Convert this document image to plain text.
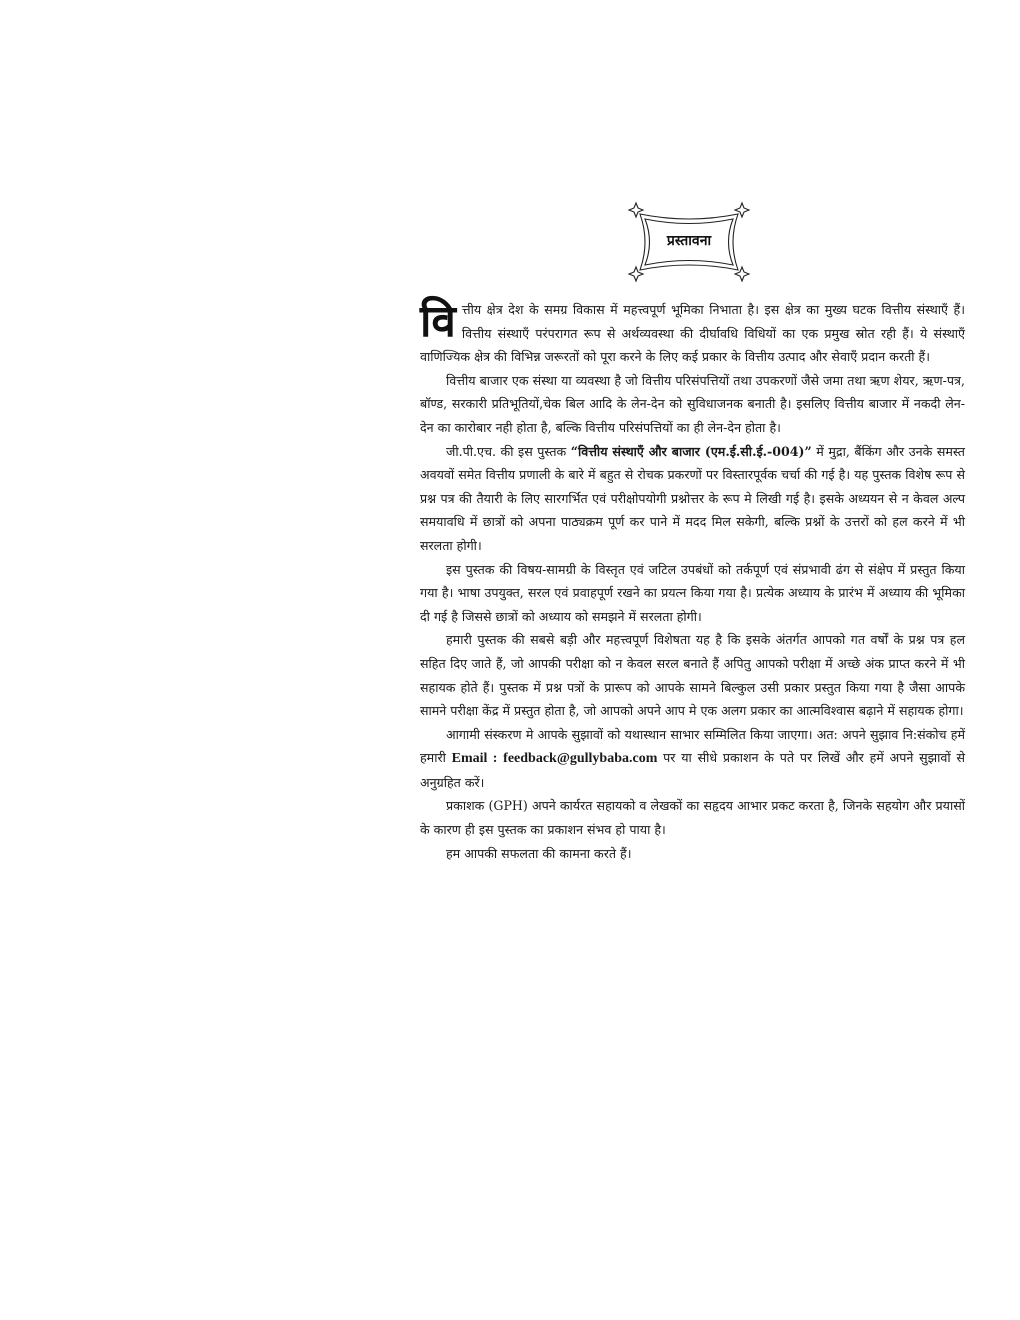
प्रस्तावना

वित्तीय क्षेत्र देश के समग्र विकास में महत्त्वपूर्ण भूमिका निभाता है। इस क्षेत्र का मुख्य घटक वित्तीय संस्थाएँ हैं। वित्तीय संस्थाएँ परंपरागत रूप से अर्थव्यवस्था की दीर्घावधि विधियों का एक प्रमुख स्रोत रही हैं। ये संस्थाएँ वाणिज्यिक क्षेत्र की विभिन्न जरूरतों को पूरा करने के लिए कई प्रकार के वित्तीय उत्पाद और सेवाएँ प्रदान करती हैं।

वित्तीय बाजार एक संस्था या व्यवस्था है जो वित्तीय परिसंपत्तियों तथा उपकरणों जैसे जमा तथा ऋण शेयर, ऋण-पत्र, बॉण्ड, सरकारी प्रतिभूतियों,चेक बिल आदि के लेन-देन को सुविधाजनक बनाती है। इसलिए वित्तीय बाजार में नकदी लेन-देन का कारोबार नही होता है, बल्कि वित्तीय परिसंपत्तियों का ही लेन-देन होता है।

जी.पी.एच. की इस पुस्तक “वित्तीय संस्थाएँ और बाजार (एम.ई.सी.ई.-004)” में मुद्रा, बैंकिंग और उनके समस्त अवयवों समेत वित्तीय प्रणाली के बारे में बहुत से रोचक प्रकरणों पर विस्तारपूर्वक चर्चा की गई है। यह पुस्तक विशेष रूप से प्रश्न पत्र की तैयारी के लिए सारगर्भित एवं परीक्षोपयोगी प्रश्नोत्तर के रूप मे लिखी गई है। इसके अध्ययन से न केवल अल्प समयावधि में छात्रों को अपना पाठ्यक्रम पूर्ण कर पाने में मदद मिल सकेगी, बल्कि प्रश्नों के उत्तरों को हल करने में भी सरलता होगी।

इस पुस्तक की विषय-सामग्री के विस्तृत एवं जटिल उपबंधों को तर्कपूर्ण एवं संप्रभावी ढंग से संक्षेप में प्रस्तुत किया गया है। भाषा उपयुक्त, सरल एवं प्रवाहपूर्ण रखने का प्रयत्न किया गया है। प्रत्येक अध्याय के प्रारंभ में अध्याय की भूमिका दी गई है जिससे छात्रों को अध्याय को समझने में सरलता होगी।

हमारी पुस्तक की सबसे बड़ी और महत्त्वपूर्ण विशेषता यह है कि इसके अंतर्गत आपको गत वर्षों के प्रश्न पत्र हल सहित दिए जाते हैं, जो आपकी परीक्षा को न केवल सरल बनाते हैं अपितु आपको परीक्षा में अच्छे अंक प्राप्त करने में भी सहायक होते हैं। पुस्तक में प्रश्न पत्रों के प्रारूप को आपके सामने बिल्कुल उसी प्रकार प्रस्तुत किया गया है जैसा आपके सामने परीक्षा केंद्र में प्रस्तुत होता है, जो आपको अपने आप मे एक अलग प्रकार का आत्मविश्वास बढ़ाने में सहायक होगा।

आगामी संस्करण मे आपके सुझावों को यथास्थान साभार सम्मिलित किया जाएगा। अत: अपने सुझाव नि:संकोच हमें हमारी Email : feedback@gullybaba.com पर या सीधे प्रकाशन के पते पर लिखें और हमें अपने सुझावों से अनुग्रहित करें।

प्रकाशक (GPH) अपने कार्यरत सहायको व लेखकों का सहृदय आभार प्रकट करता है, जिनके सहयोग और प्रयासों के कारण ही इस पुस्तक का प्रकाशन संभव हो पाया है।

हम आपकी सफलता की कामना करते हैं।
